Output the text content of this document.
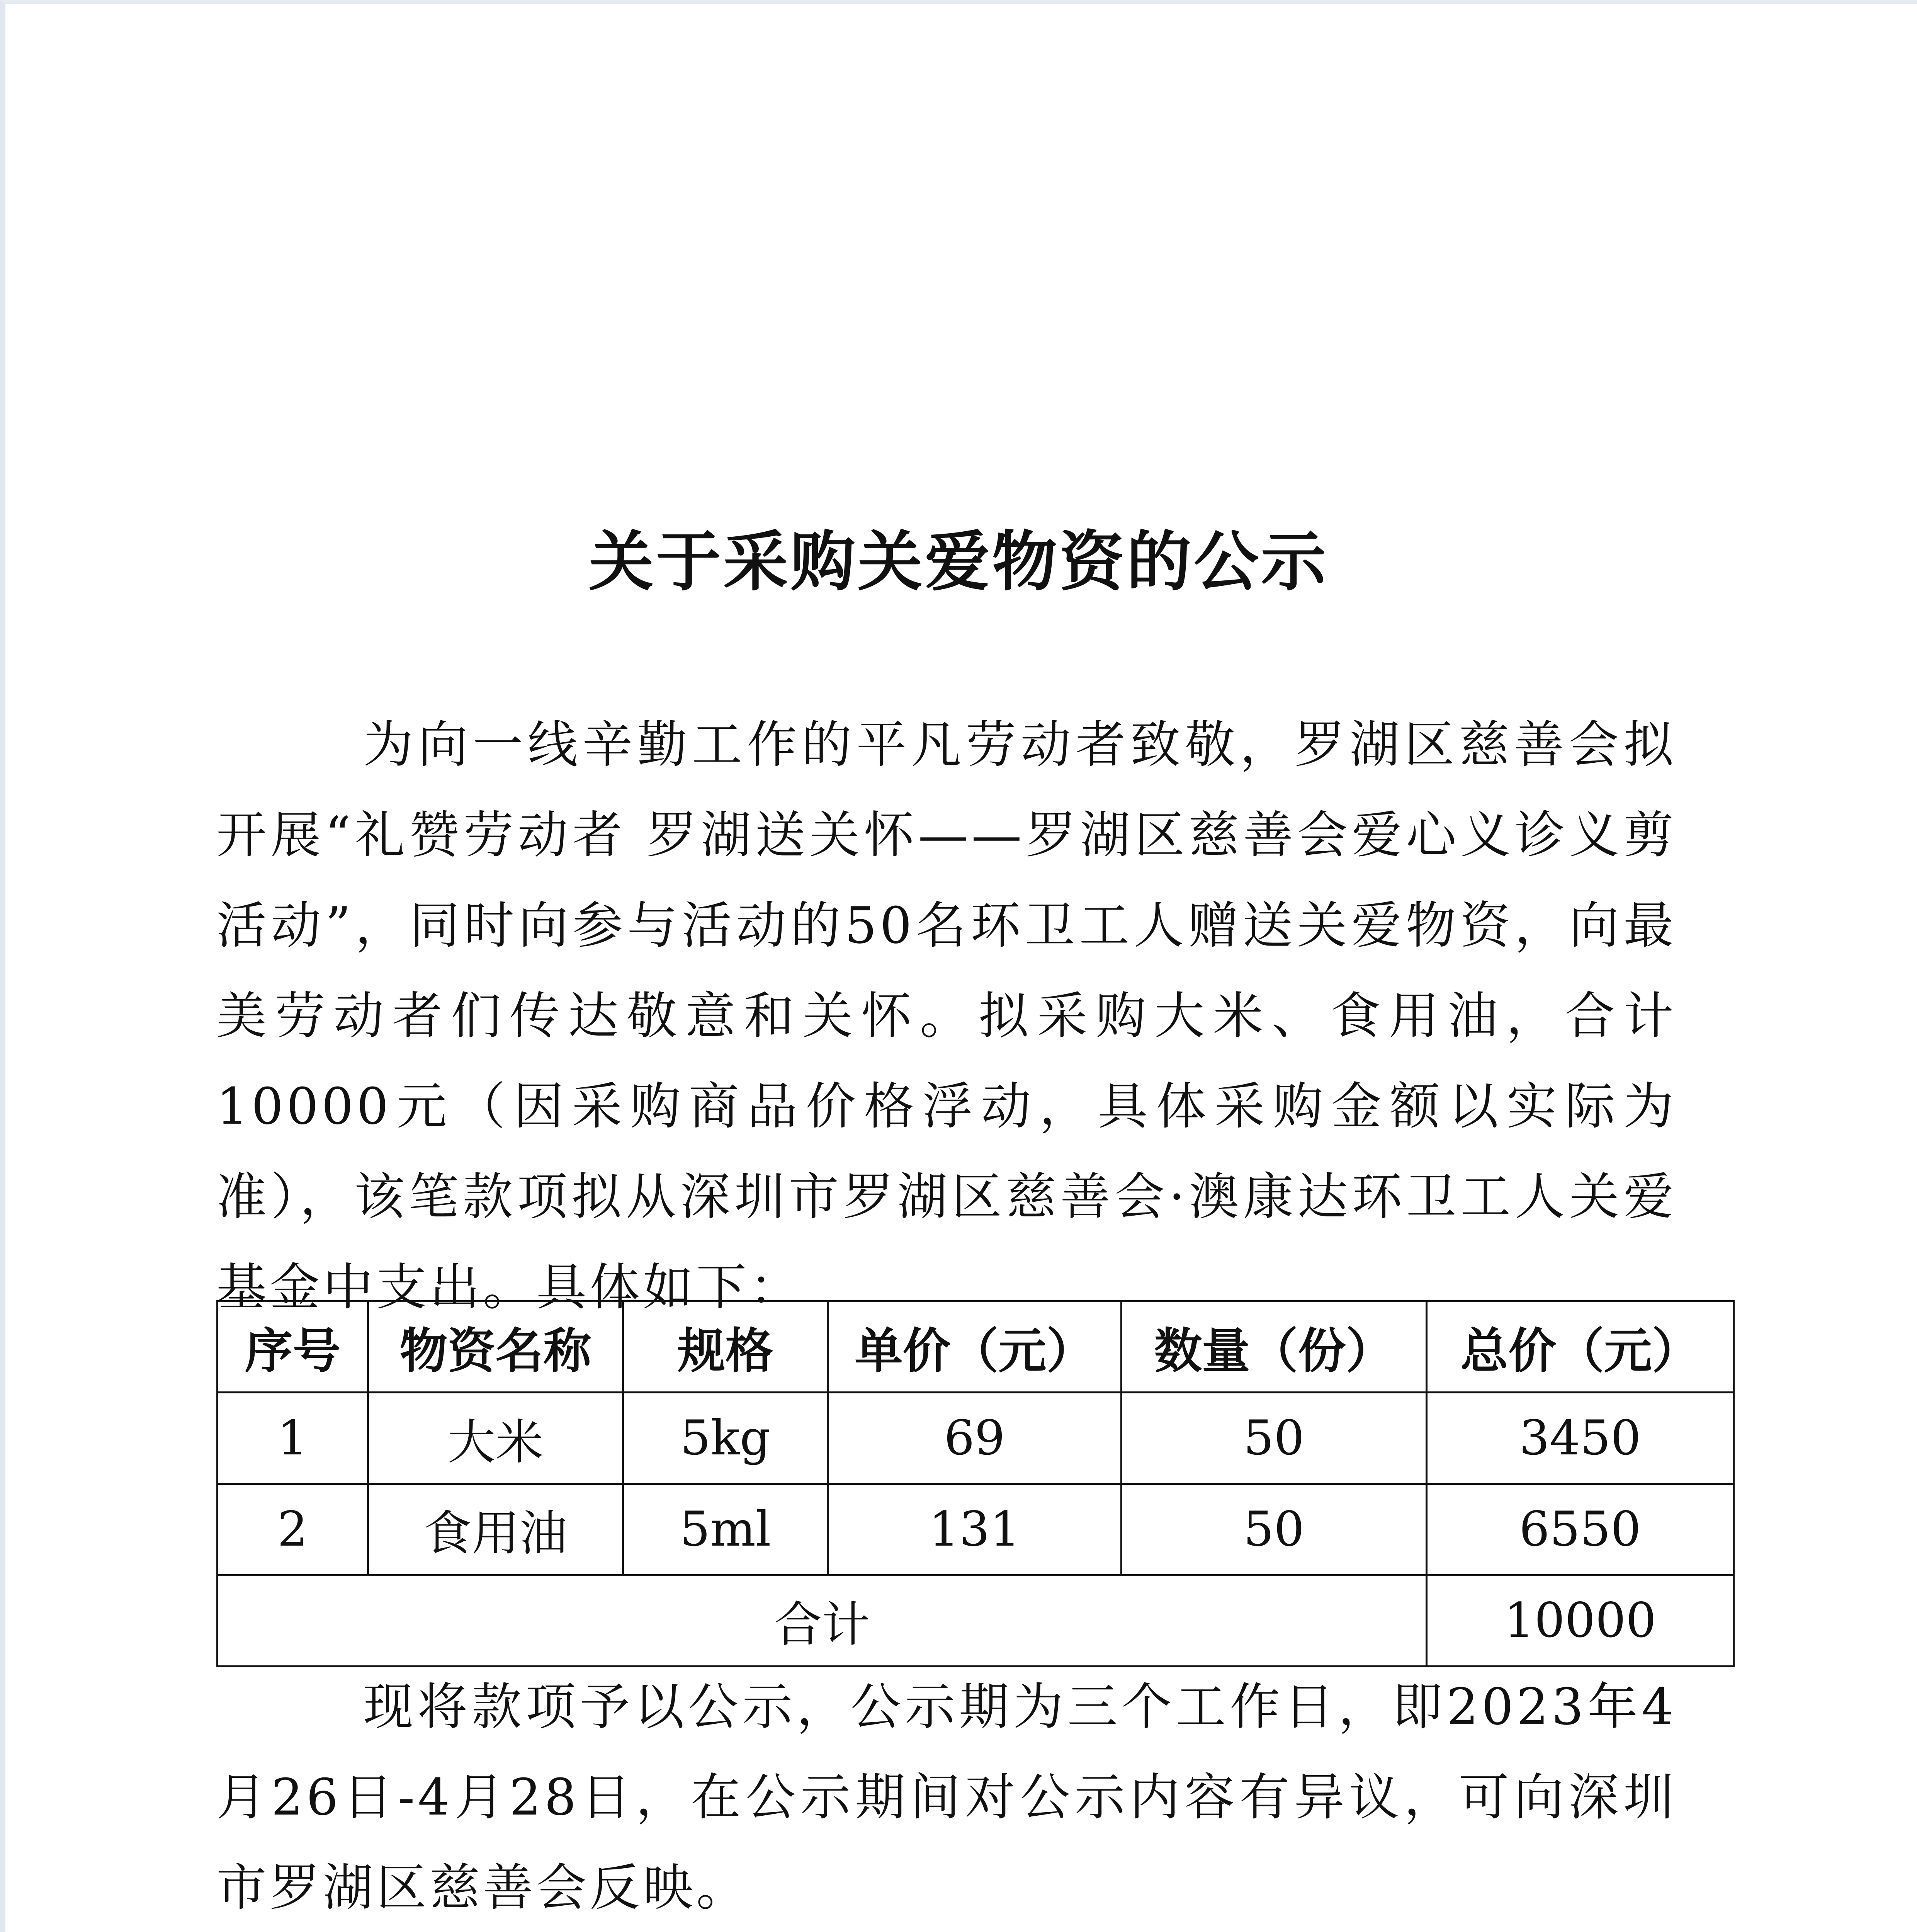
关于采购关爱物资的公示
为向一线辛勤工作的平凡劳动者致敬，罗湖区慈善会拟开展“礼赞劳动者 罗湖送关怀——罗湖区慈善会爱心义诊义剪活动”，同时向参与活动的50名环卫工人赠送关爱物资，向最美劳动者们传达敬意和关怀。拟采购大米、食用油，合计10000元（因采购商品价格浮动，具体采购金额以实际为准），该笔款项拟从深圳市罗湖区慈善会·澳康达环卫工人关爱基金中支出。具体如下：
序号	物资名称	规格	单价（元）	数量（份）	总价（元）
1	大米	5kg	69	50	3450
2	食用油	5ml	131	50	6550
合计					10000
现将款项予以公示，公示期为三个工作日，即2023年4月26日-4月28日，在公示期间对公示内容有异议，可向深圳市罗湖区慈善会反映。
